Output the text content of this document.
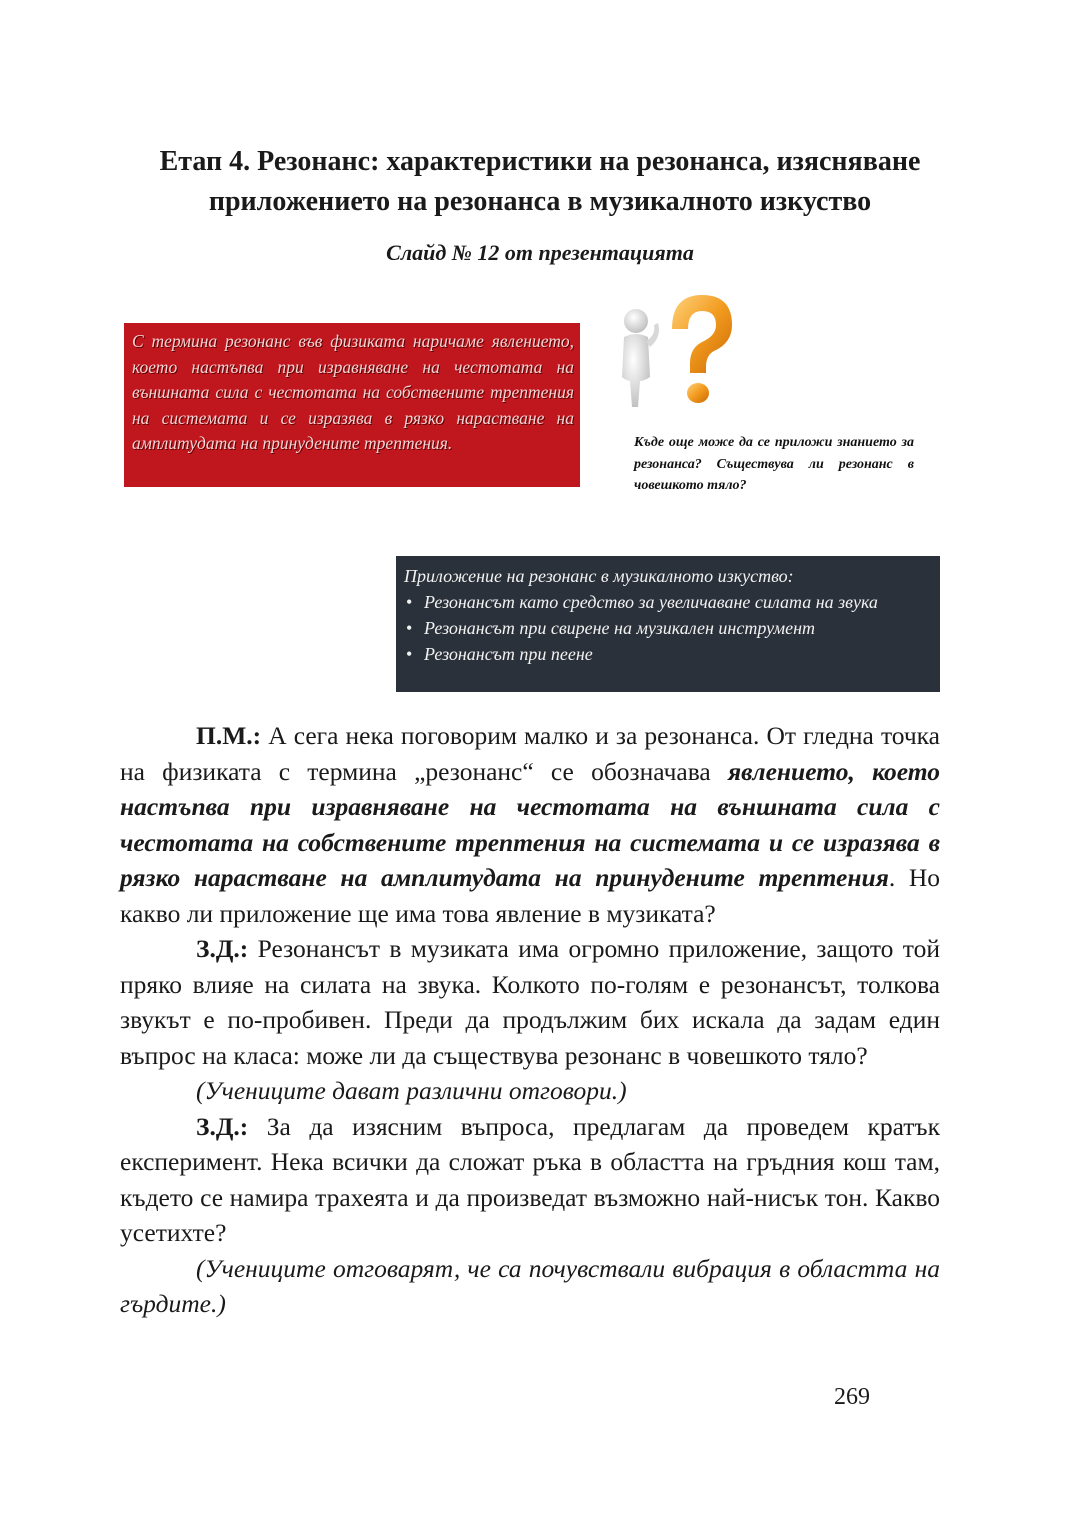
Етап 4. Резонанс: характеристики на резонанса, изясняване
приложението на резонанса в музикалното изкуство
Слайд № 12 от презентацията
С термина резонанс във физиката наричаме явлението, което настъпва при изравняване на честотата на външната сила с честотата на собствените трептения на системата и се изразява в рязко нарастване на амплитудата на принудените трептения.	Къде още може да се приложи знанието за резонанса? Съществува ли резонанс в човешкото тяло?
Приложение на резонанс в музикалното изкуство:
• Резонансът като средство за увеличаване силата на звука
• Резонансът при свирене на музикален инструмент
• Резонансът при пеене

П.М.: А сега нека поговорим малко и за резонанса. От гледна точка на физиката с термина „резонанс“ се обозначава явлението, което настъпва при изравняване на честотата на външната сила с честотата на собствените трептения на системата и се изразява в рязко нарастване на амплитудата на принудените трептения. Но какво ли приложение ще има това явление в музиката?

З.Д.: Резонансът в музиката има огромно приложение, защото той пряко влияе на силата на звука. Колкото по-голям е резонансът, толкова звукът е по-пробивен. Преди да продължим бих искала да задам един въпрос на класа: може ли да съществува резонанс в човешкото тяло?

(Учениците дават различни отговори.)

З.Д.: За да изясним въпроса, предлагам да проведем кратък експеримент. Нека всички да сложат ръка в областта на гръдния кош там, където се намира трахеята и да произведат възможно най-нисък тон. Какво усетихте?

(Учениците отговарят, че са почувствали вибрация в областта на гърдите.)

269
